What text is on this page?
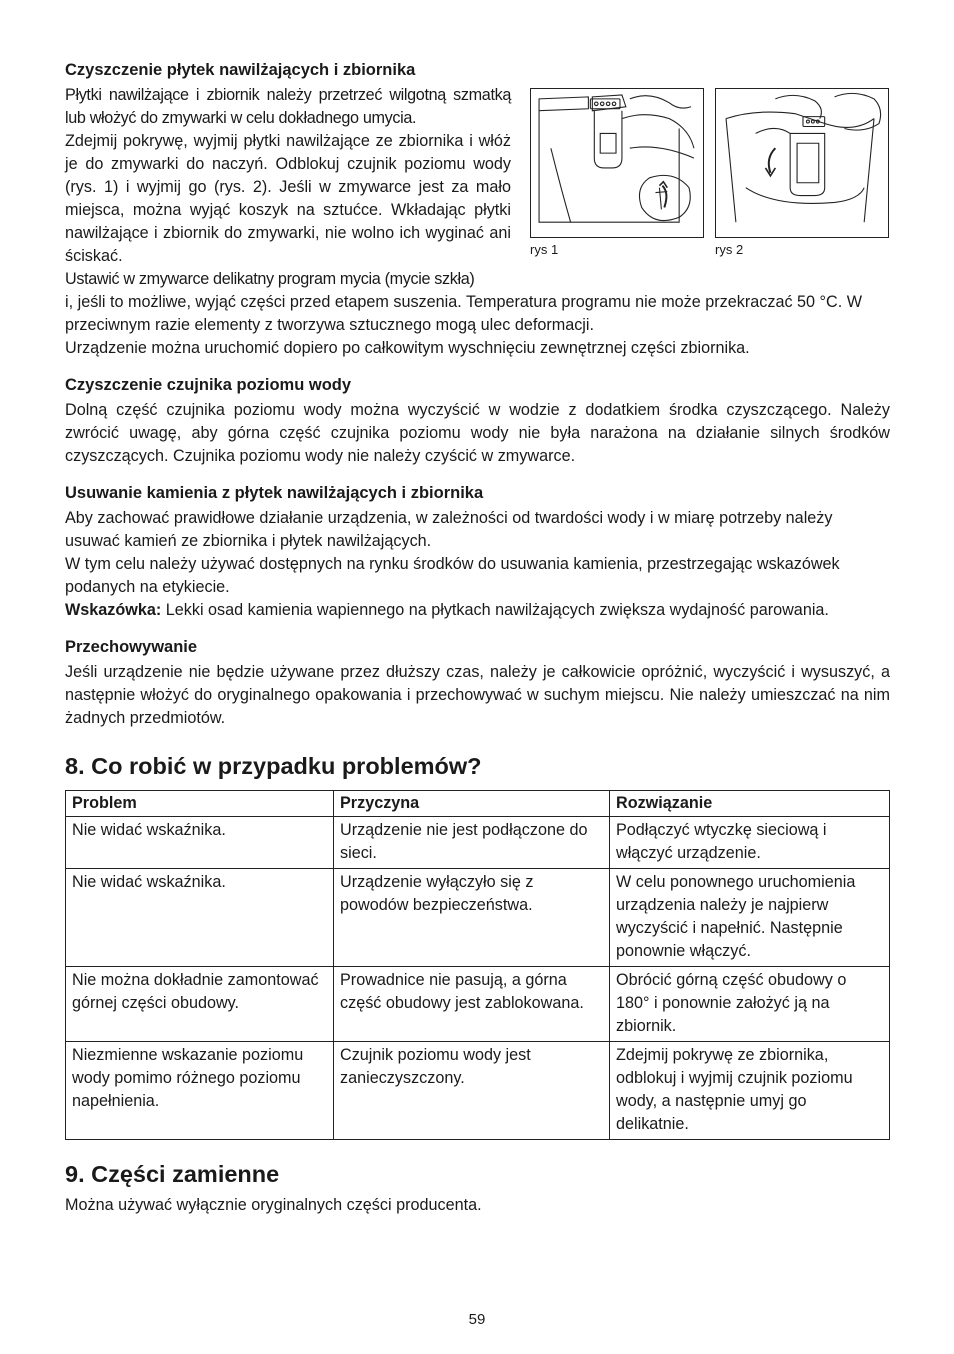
Czyszczenie płytek nawilżających i zbiornika

Płytki nawilżające i zbiornik należy przetrzeć wilgotną szmatką lub włożyć do zmywarki w celu dokładnego umycia.

Zdejmij pokrywę, wyjmij płytki nawilżające ze zbiornika i włóż je do zmywarki do naczyń. Odblokuj czujnik poziomu wody (rys. 1) i wyjmij go (rys. 2). Jeśli w zmywarce jest za mało miejsca, można wyjąć koszyk na sztućce. Wkładając płytki nawilżające i zbiornik do zmywarki, nie wolno ich wyginać ani ściskać.

Ustawić w zmywarce delikatny program mycia (mycie szkła)

i, jeśli to możliwe, wyjąć części przed etapem suszenia. Temperatura programu nie może przekraczać 50 °C. W przeciwnym razie elementy z tworzywa sztucznego mogą ulec deformacji.

Urządzenie można uruchomić dopiero po całkowitym wyschnięciu zewnętrznej części zbiornika.

rys 1	rys 2
Czyszczenie czujnika poziomu wody

Dolną część czujnika poziomu wody można wyczyścić w wodzie z dodatkiem środka czyszczącego. Należy zwrócić uwagę, aby górna część czujnika poziomu wody nie była narażona na działanie silnych środków czyszczących. Czujnika poziomu wody nie należy czyścić w zmywarce.

Usuwanie kamienia z płytek nawilżających i zbiornika

Aby zachować prawidłowe działanie urządzenia, w zależności od twardości wody i w miarę potrzeby należy usuwać kamień ze zbiornika i płytek nawilżających.

W tym celu należy używać dostępnych na rynku środków do usuwania kamienia, przestrzegając wskazówek podanych na etykiecie.

Wskazówka: Lekki osad kamienia wapiennego na płytkach nawilżających zwiększa wydajność parowania.

Przechowywanie

Jeśli urządzenie nie będzie używane przez dłuższy czas, należy je całkowicie opróżnić, wyczyścić i wysuszyć, a następnie włożyć do oryginalnego opakowania i przechowywać w suchym miejscu. Nie należy umieszczać na nim żadnych przedmiotów.

8. Co robić w przypadku problemów?
Problem	Przyczyna	Rozwiązanie
Nie widać wskaźnika.	Urządzenie nie jest podłączone do sieci.	Podłączyć wtyczkę sieciową i włączyć urządzenie.
Nie widać wskaźnika.	Urządzenie wyłączyło się z powodów bezpieczeństwa.	W celu ponownego uruchomienia urządzenia należy je najpierw wyczyścić i napełnić. Następnie ponownie włączyć.
Nie można dokładnie zamontować górnej części obudowy.	Prowadnice nie pasują, a górna część obudowy jest zablokowana.	Obrócić górną część obudowy o 180° i ponownie założyć ją na zbiornik.
Niezmienne wskazanie poziomu wody pomimo różnego poziomu napełnienia.	Czujnik poziomu wody jest zanieczyszczony.	Zdejmij pokrywę ze zbiornika, odblokuj i wyjmij czujnik poziomu wody, a następnie umyj go delikatnie.
9. Części zamienne

Można używać wyłącznie oryginalnych części producenta.

59
